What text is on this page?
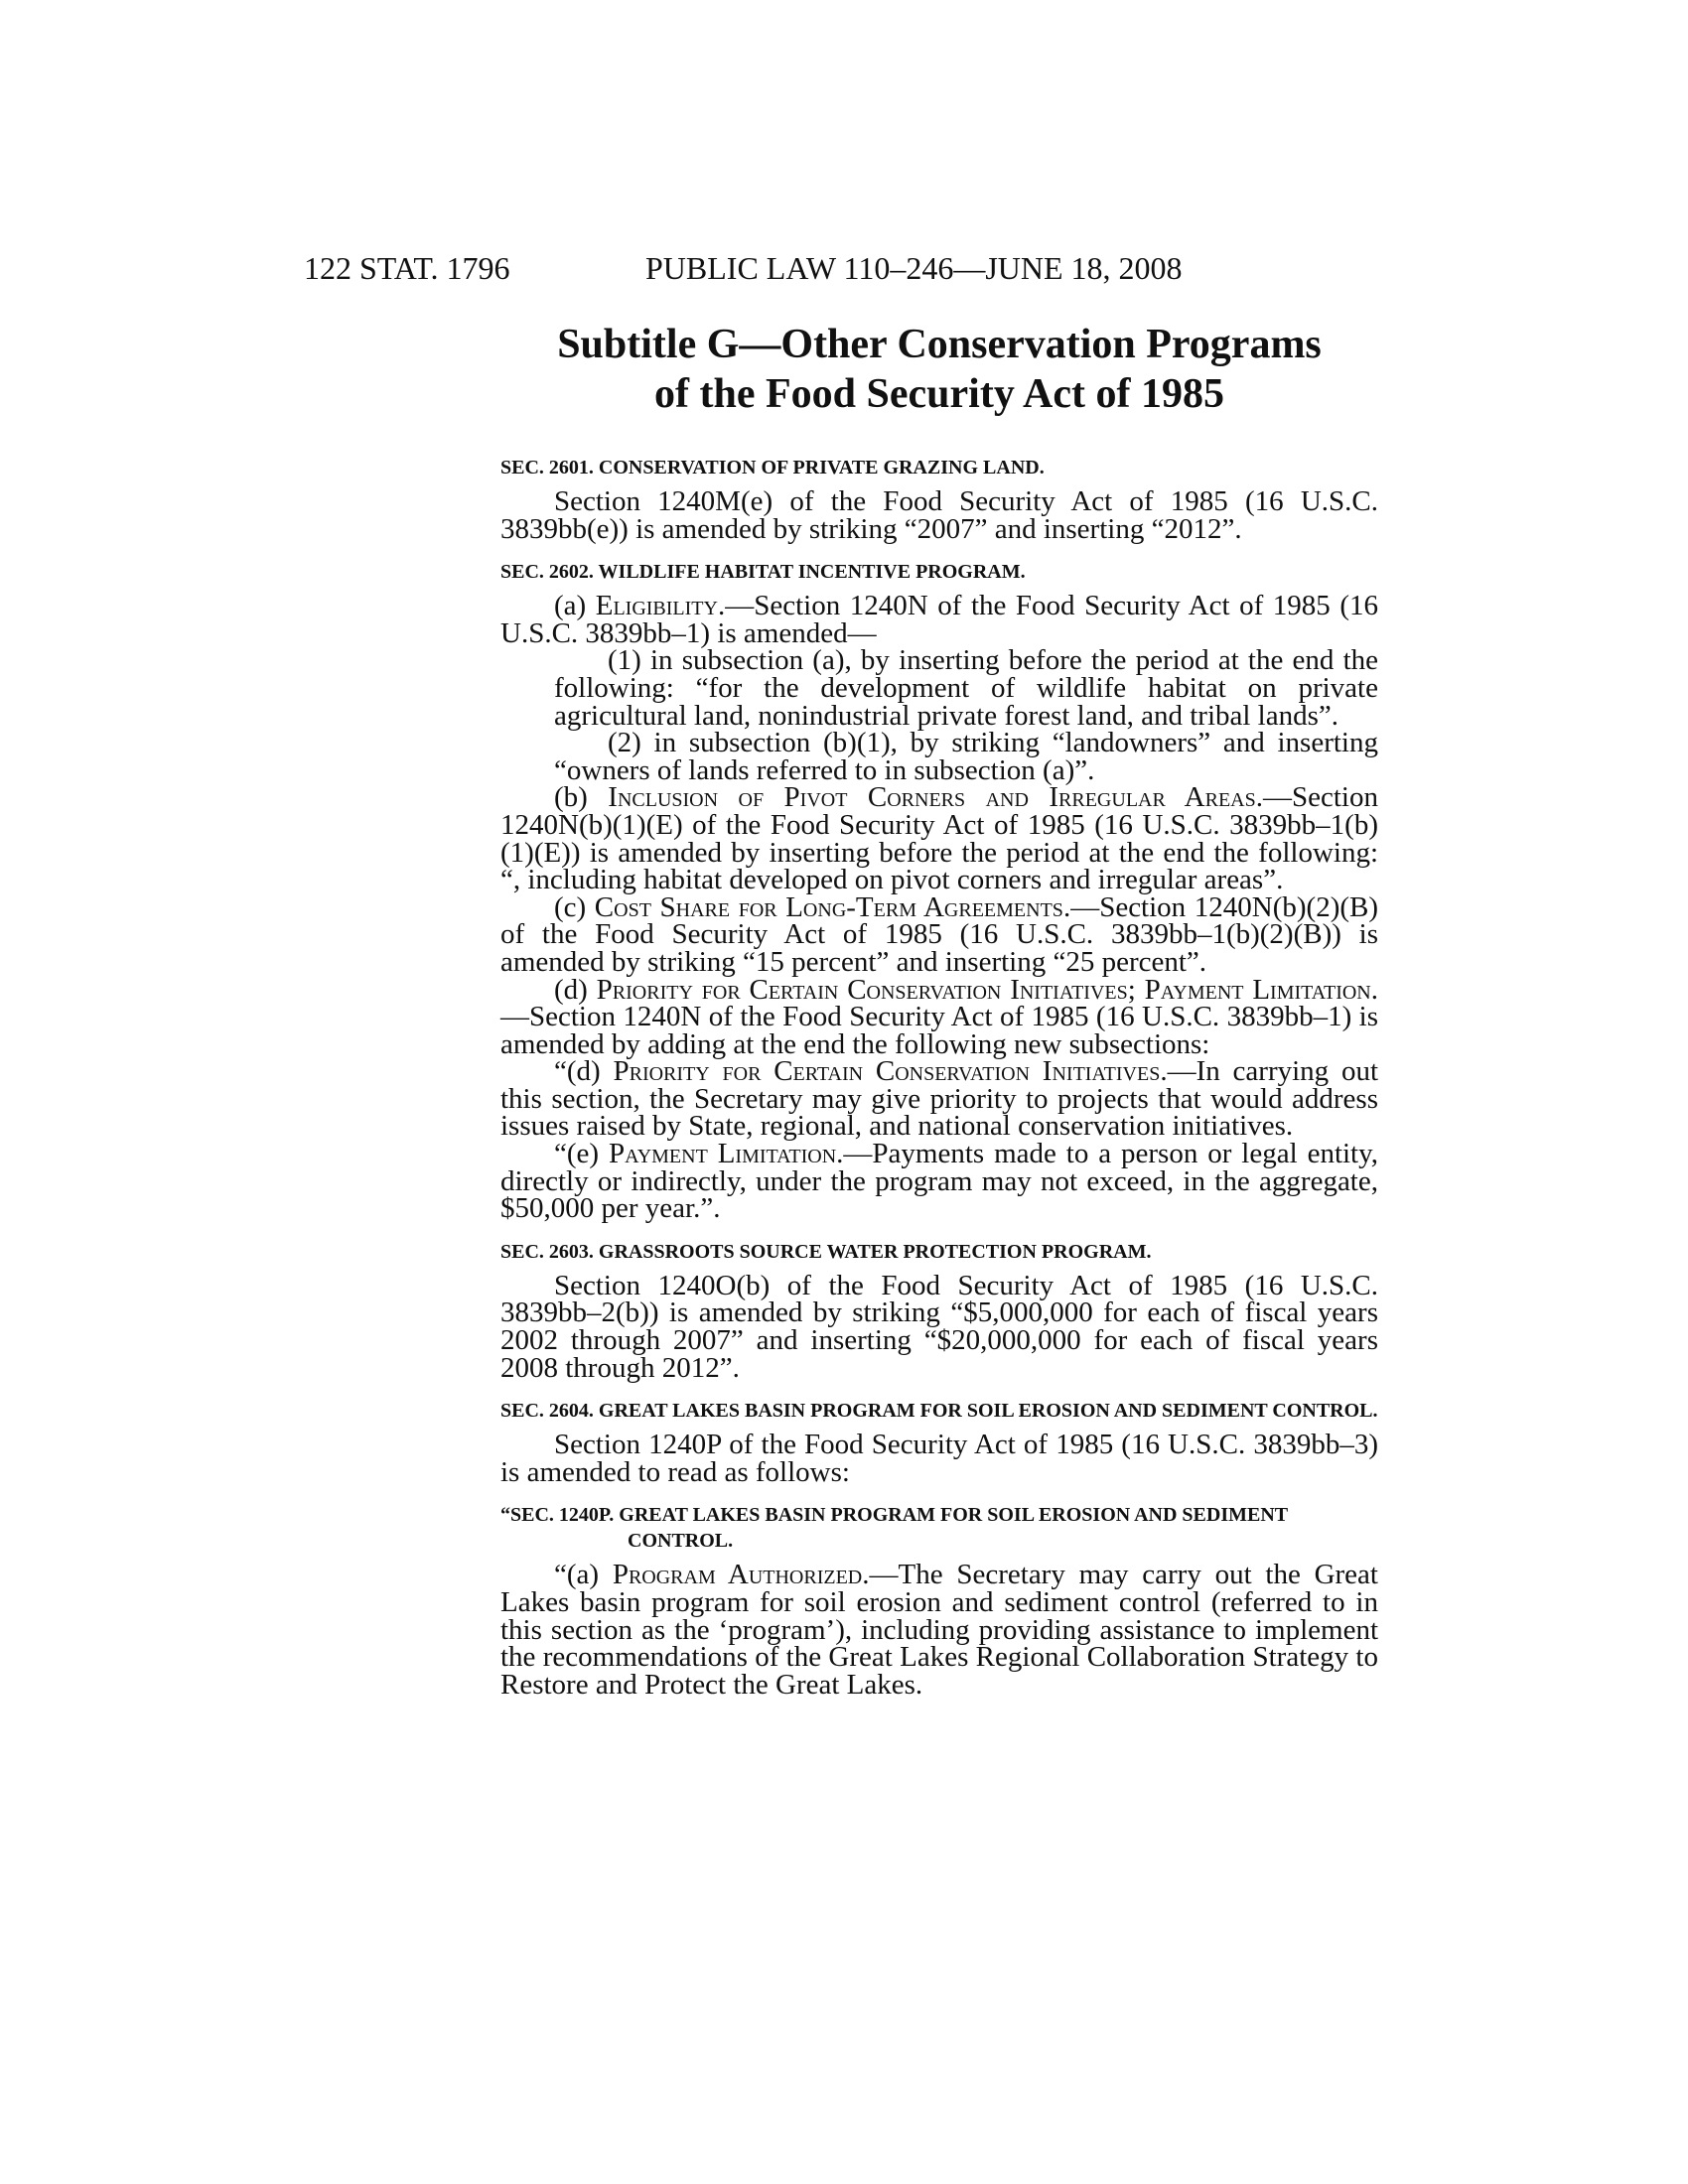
122 STAT. 1796	PUBLIC LAW 110–246—JUNE 18, 2008
Subtitle G—Other Conservation Programs
of the Food Security Act of 1985
SEC. 2601. CONSERVATION OF PRIVATE GRAZING LAND.

Section 1240M(e) of the Food Security Act of 1985 (16 U.S.C. 3839bb(e)) is amended by striking “2007” and inserting “2012”.

SEC. 2602. WILDLIFE HABITAT INCENTIVE PROGRAM.

(a) Eligibility.—Section 1240N of the Food Security Act of 1985 (16 U.S.C. 3839bb–1) is amended—

(1) in subsection (a), by inserting before the period at the end the following: “for the development of wildlife habitat on private agricultural land, nonindustrial private forest land, and tribal lands”.

(2) in subsection (b)(1), by striking “landowners” and inserting “owners of lands referred to in subsection (a)”.

(b) Inclusion of Pivot Corners and Irregular Areas.—Section 1240N(b)(1)(E) of the Food Security Act of 1985 (16 U.S.C. 3839bb–1(b)(1)(E)) is amended by inserting before the period at the end the following: “, including habitat developed on pivot corners and irregular areas”.

(c) Cost Share for Long-Term Agreements.—Section 1240N(b)(2)(B) of the Food Security Act of 1985 (16 U.S.C. 3839bb–1(b)(2)(B)) is amended by striking “15 percent” and inserting “25 percent”.

(d) Priority for Certain Conservation Initiatives; Payment Limitation.—Section 1240N of the Food Security Act of 1985 (16 U.S.C. 3839bb–1) is amended by adding at the end the following new subsections:

“(d) Priority for Certain Conservation Initiatives.—In carrying out this section, the Secretary may give priority to projects that would address issues raised by State, regional, and national conservation initiatives.

“(e) Payment Limitation.—Payments made to a person or legal entity, directly or indirectly, under the program may not exceed, in the aggregate, $50,000 per year.”.

SEC. 2603. GRASSROOTS SOURCE WATER PROTECTION PROGRAM.

Section 1240O(b) of the Food Security Act of 1985 (16 U.S.C. 3839bb–2(b)) is amended by striking “$5,000,000 for each of fiscal years 2002 through 2007” and inserting “$20,000,000 for each of fiscal years 2008 through 2012”.

SEC. 2604. GREAT LAKES BASIN PROGRAM FOR SOIL EROSION AND SEDIMENT CONTROL.

Section 1240P of the Food Security Act of 1985 (16 U.S.C. 3839bb–3) is amended to read as follows:

“SEC. 1240P. GREAT LAKES BASIN PROGRAM FOR SOIL EROSION AND SEDIMENT CONTROL.

“(a) Program Authorized.—The Secretary may carry out the Great Lakes basin program for soil erosion and sediment control (referred to in this section as the ‘program’), including providing assistance to implement the recommendations of the Great Lakes Regional Collaboration Strategy to Restore and Protect the Great Lakes.
